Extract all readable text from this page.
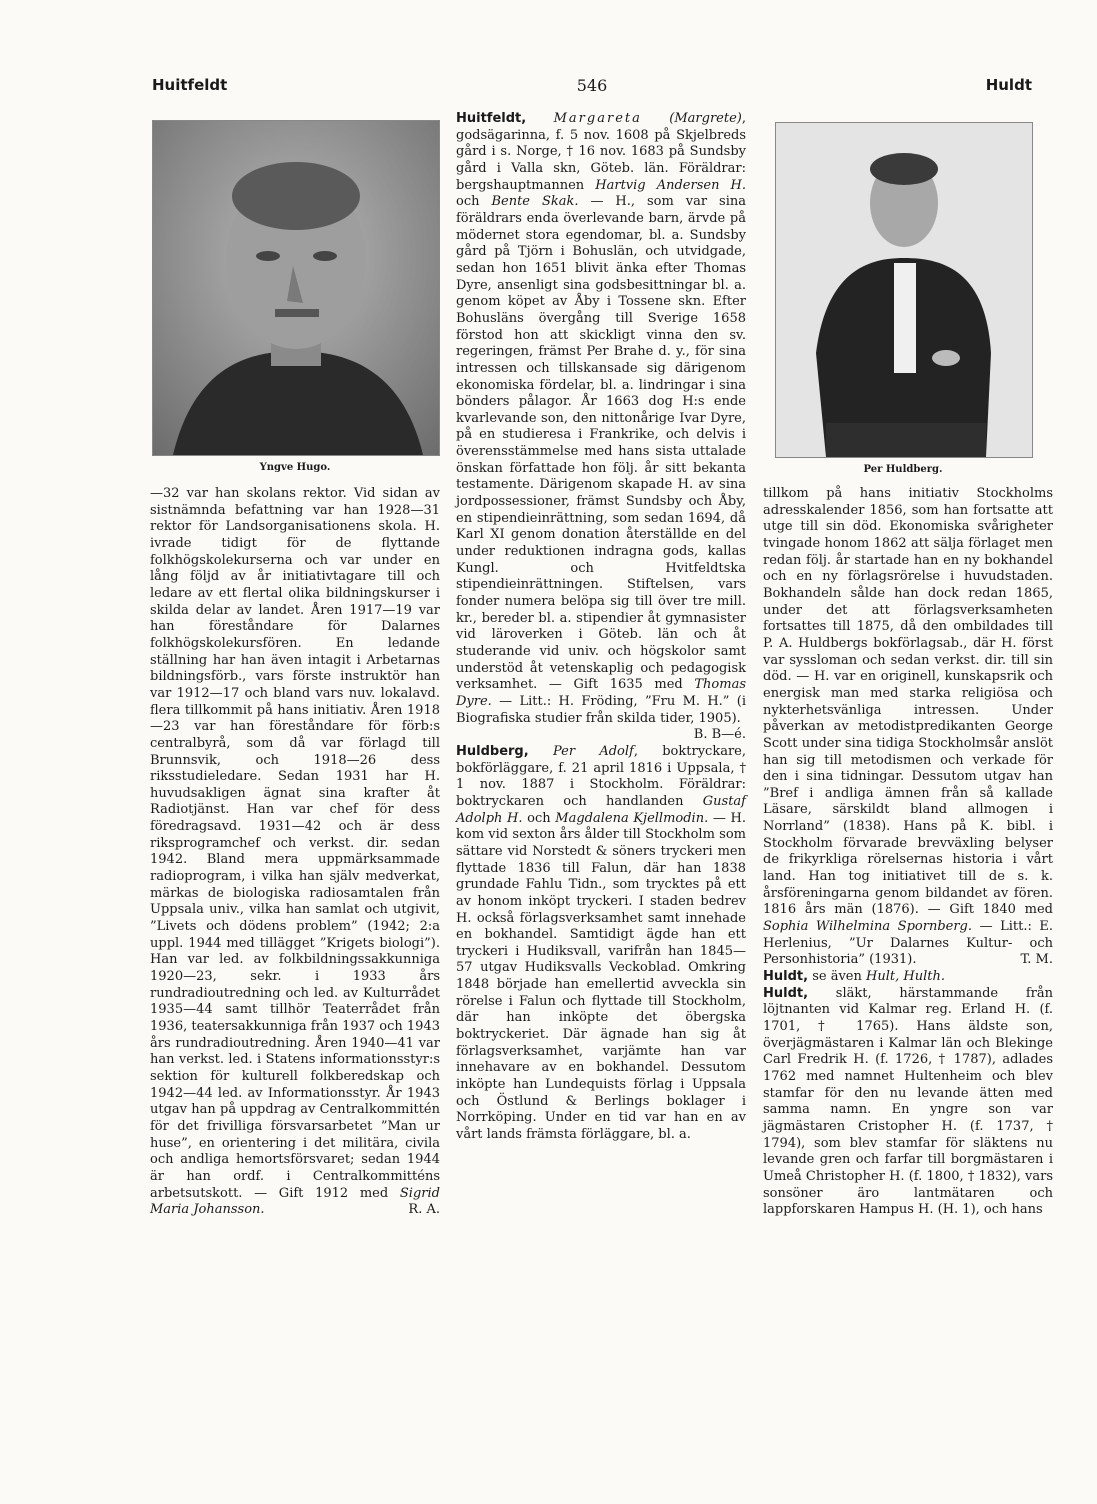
Huitfeldt	546	Huldt
Yngve Hugo.	Per Huldberg.

—32 var han skolans rektor. Vid sidan av sistnämnda befattning var han 1928—31 rektor för Landsorganisationens skola. H. ivrade tidigt för de flyttande folkhögskolekurserna och var under en lång följd av år initiativtagare till och ledare av ett flertal olika bildningskurser i skilda delar av landet. Åren 1917—19 var han föreståndare för Dalarnes folkhögskolekursfören. En ledande ställning har han även intagit i Arbetarnas bildningsförb., vars förste instruktör han var 1912—17 och bland vars nuv. lokalavd. flera tillkommit på hans initiativ. Åren 1918—23 var han föreståndare för förb:s centralbyrå, som då var förlagd till Brunnsvik, och 1918—26 dess riksstudieledare. Sedan 1931 har H. huvudsakligen ägnat sina krafter åt Radiotjänst. Han var chef för dess föredragsavd. 1931—42 och är dess riksprogramchef och verkst. dir. sedan 1942. Bland mera uppmärksammade radioprogram, i vilka han själv medverkat, märkas de biologiska radiosamtalen från Uppsala univ., vilka han samlat och utgivit, ”Livets och dödens problem” (1942; 2:a uppl. 1944 med tillägget ”Krigets biologi”). Han var led. av folkbildningssakkunniga 1920—23, sekr. i 1933 års rundradioutredning och led. av Kulturrådet 1935—44 samt tillhör Teaterrådet från 1936, teatersakkunniga från 1937 och 1943 års rundradioutredning. Åren 1940—41 var han verkst. led. i Statens informationsstyr:s sektion för kulturell folkberedskap och 1942—44 led. av Informationsstyr. År 1943 utgav han på uppdrag av Centralkommittén för det frivilliga försvarsarbetet ”Man ur huse”, en orientering i det militära, civila och andliga hemortsförsvaret; sedan 1944 är han ordf. i Centralkommitténs arbetsutskott. — Gift 1912 med Sigrid Maria Johansson.	R. A.

Huitfeldt, Margareta (Margrete), godsägarinna, f. 5 nov. 1608 på Skjelbreds gård i s. Norge, † 16 nov. 1683 på Sundsby gård i Valla skn, Göteb. län. Föräldrar: bergshauptmannen Hartvig Andersen H. och Bente Skak. — H., som var sina föräldrars enda överlevande barn, ärvde på mödernet stora egendomar, bl. a. Sundsby gård på Tjörn i Bohuslän, och utvidgade, sedan hon 1651 blivit änka efter Thomas Dyre, ansenligt sina godsbesittningar bl. a. genom köpet av Åby i Tossene skn. Efter Bohusläns övergång till Sverige 1658 förstod hon att skickligt vinna den sv. regeringen, främst Per Brahe d. y., för sina intressen och tillskansade sig därigenom ekonomiska fördelar, bl. a. lindringar i sina bönders pålagor. År 1663 dog H:s ende kvarlevande son, den nittonårige Ivar Dyre, på en studieresa i Frankrike, och delvis i överensstämmelse med hans sista uttalade önskan författade hon följ. år sitt bekanta testamente. Därigenom skapade H. av sina jordpossessioner, främst Sundsby och Åby, en stipendieinrättning, som sedan 1694, då Karl XI genom donation återställde en del under reduktionen indragna gods, kallas Kungl. och Hvitfeldtska stipendieinrättningen. Stiftelsen, vars fonder numera belöpa sig till över tre mill. kr., bereder bl. a. stipendier åt gymnasister vid läroverken i Göteb. län och åt studerande vid univ. och högskolor samt understöd åt vetenskaplig och pedagogisk verksamhet. — Gift 1635 med Thomas Dyre. — Litt.: H. Fröding, ”Fru M. H.” (i Biografiska studier från skilda tider, 1905).
B. B—é.

Huldberg, Per Adolf, boktryckare, bokförläggare, f. 21 april 1816 i Uppsala, † 1 nov. 1887 i Stockholm. Föräldrar: boktryckaren och handlanden Gustaf Adolph H. och Magdalena Kjellmodin. — H. kom vid sexton års ålder till Stockholm som sättare vid Norstedt & söners tryckeri men flyttade 1836 till Falun, där han 1838 grundade Fahlu Tidn., som trycktes på ett av honom inköpt tryckeri. I staden bedrev H. också förlagsverksamhet samt innehade en bokhandel. Samtidigt ägde han ett tryckeri i Hudiksvall, varifrån han 1845—57 utgav Hudiksvalls Veckoblad. Omkring 1848 började han emellertid avveckla sin rörelse i Falun och flyttade till Stockholm, där han inköpte det öbergska boktryckeriet. Där ägnade han sig åt förlagsverksamhet, varjämte han var innehavare av en bokhandel. Dessutom inköpte han Lundequists förlag i Uppsala och Östlund & Berlings boklager i Norrköping. Under en tid var han en av vårt lands främsta förläggare, bl. a.

tillkom på hans initiativ Stockholms adresskalender 1856, som han fortsatte att utge till sin död. Ekonomiska svårigheter tvingade honom 1862 att sälja förlaget men redan följ. år startade han en ny bokhandel och en ny förlagsrörelse i huvudstaden. Bokhandeln sålde han dock redan 1865, under det att förlagsverksamheten fortsattes till 1875, då den ombildades till P. A. Huldbergs bokförlagsab., där H. först var syssloman och sedan verkst. dir. till sin död. — H. var en originell, kunskapsrik och energisk man med starka religiösa och nykterhetsvänliga intressen. Under påverkan av metodistpredikanten George Scott under sina tidiga Stockholmsår anslöt han sig till metodismen och verkade för den i sina tidningar. Dessutom utgav han ”Bref i andliga ämnen från så kallade Läsare, särskildt bland allmogen i Norrland” (1838). Hans på K. bibl. i Stockholm förvarade brevväxling belyser de frikyrkliga rörelsernas historia i vårt land. Han tog initiativet till de s. k. årsföreningarna genom bildandet av fören. 1816 års män (1876). — Gift 1840 med Sophia Wilhelmina Spornberg. — Litt.: E. Herlenius, ”Ur Dalarnes Kultur- och Personhistoria” (1931).	T. M.

Huldt, se även Hult, Hulth.

Huldt, släkt, härstammande från löjtnanten vid Kalmar reg. Erland H. (f. 1701, † 1765). Hans äldste son, överjägmästaren i Kalmar län och Blekinge Carl Fredrik H. (f. 1726, † 1787), adlades 1762 med namnet Hultenheim och blev stamfar för den nu levande ätten med samma namn. En yngre son var jägmästaren Cristopher H. (f. 1737, † 1794), som blev stamfar för släktens nu levande gren och farfar till borgmästaren i Umeå Christopher H. (f. 1800, † 1832), vars sonsöner äro lantmätaren och lappforskaren Hampus H. (H. 1), och hans
